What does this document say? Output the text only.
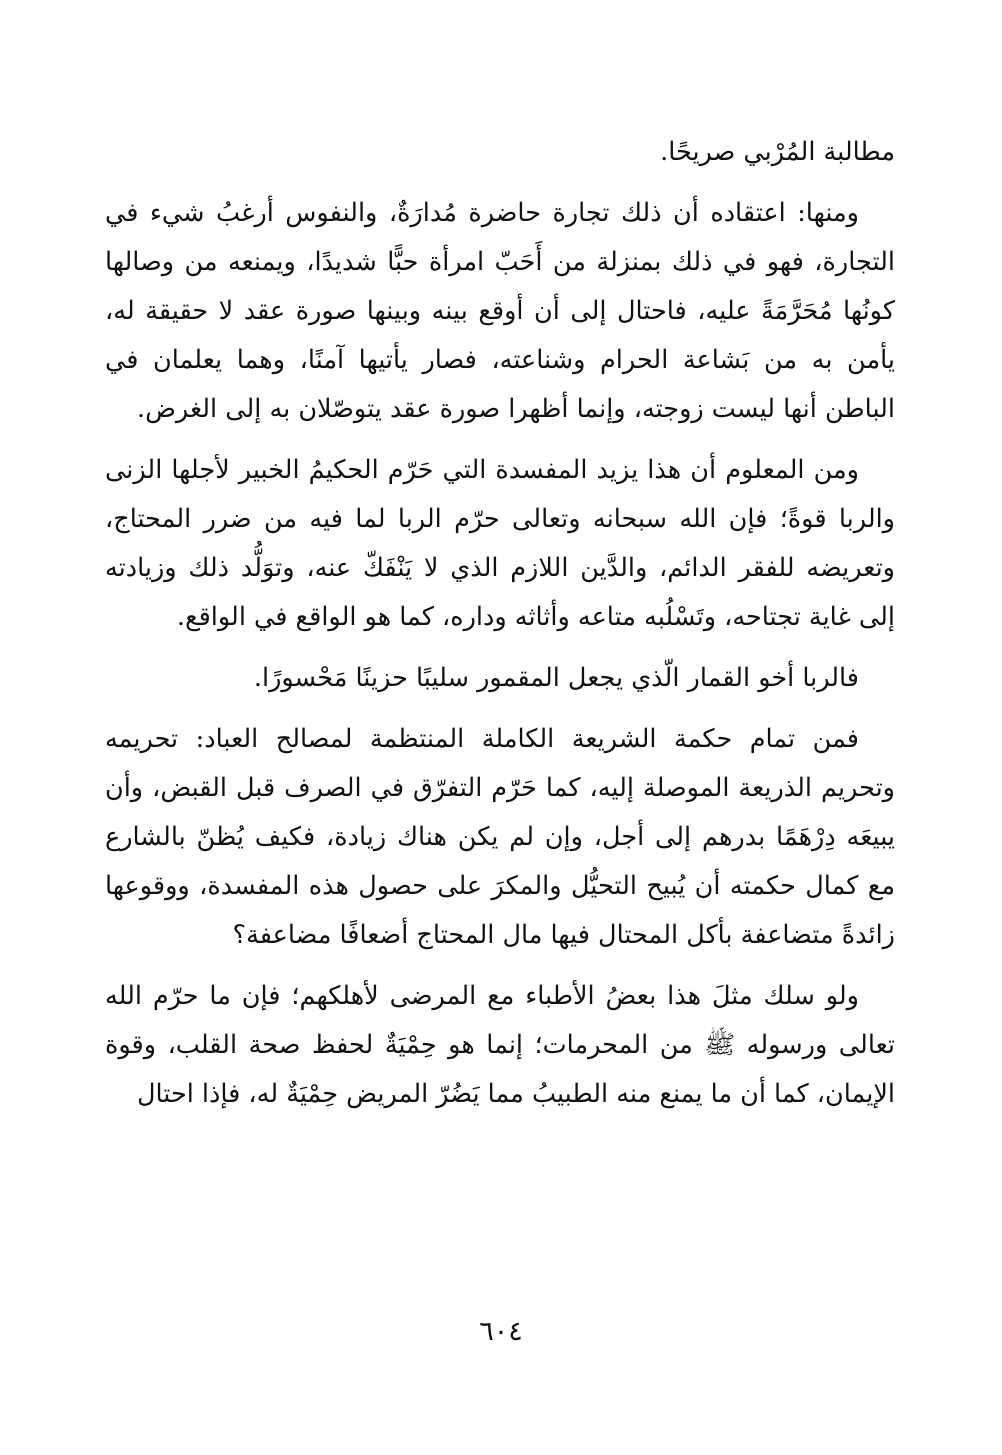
مطالبة المُرْبي صريحًا.

ومنها: اعتقاده أن ذلك تجارة حاضرة مُدارَةٌ، والنفوس أرغبُ شيء في التجارة، فهو في ذلك بمنزلة من أَحَبّ امرأة حبًّا شديدًا، ويمنعه من وصالها كونُها مُحَرَّمَةً عليه، فاحتال إلى أن أوقع بينه وبينها صورة عقد لا حقيقة له، يأمن به من بَشاعة الحرام وشناعته، فصار يأتيها آمنًا، وهما يعلمان في الباطن أنها ليست زوجته، وإنما أظهرا صورة عقد يتوصّلان به إلى الغرض.

ومن المعلوم أن هذا يزيد المفسدة التي حَرّم الحكيمُ الخبير لأجلها الزنى والربا قوةً؛ فإن الله سبحانه وتعالى حرّم الربا لما فيه من ضرر المحتاج، وتعريضه للفقر الدائم، والدَّين اللازم الذي لا يَنْفَكّ عنه، وتوَلُّد ذلك وزيادته إلى غاية تجتاحه، وتَسْلُبه متاعه وأثاثه وداره، كما هو الواقع في الواقع.

فالربا أخو القمار الّذي يجعل المقمور سليبًا حزينًا مَحْسورًا.

فمن تمام حكمة الشريعة الكاملة المنتظمة لمصالح العباد: تحريمه وتحريم الذريعة الموصلة إليه، كما حَرّم التفرّق في الصرف قبل القبض، وأن يبيعَه دِرْهَمًا بدرهم إلى أجل، وإن لم يكن هناك زيادة، فكيف يُظنّ بالشارع مع كمال حكمته أن يُبيح التحيُّل والمكرَ على حصول هذه المفسدة، ووقوعها زائدةً متضاعفة بأكل المحتال فيها مال المحتاج أضعافًا مضاعفة؟

ولو سلك مثلَ هذا بعضُ الأطباء مع المرضى لأهلكهم؛ فإن ما حرّم الله تعالى ورسوله ﷺ من المحرمات؛ إنما هو حِمْيَةٌ لحفظ صحة القلب، وقوة الإيمان، كما أن ما يمنع منه الطبيبُ مما يَضُرّ المريض حِمْيَةٌ له، فإذا احتال

٦٠٤
